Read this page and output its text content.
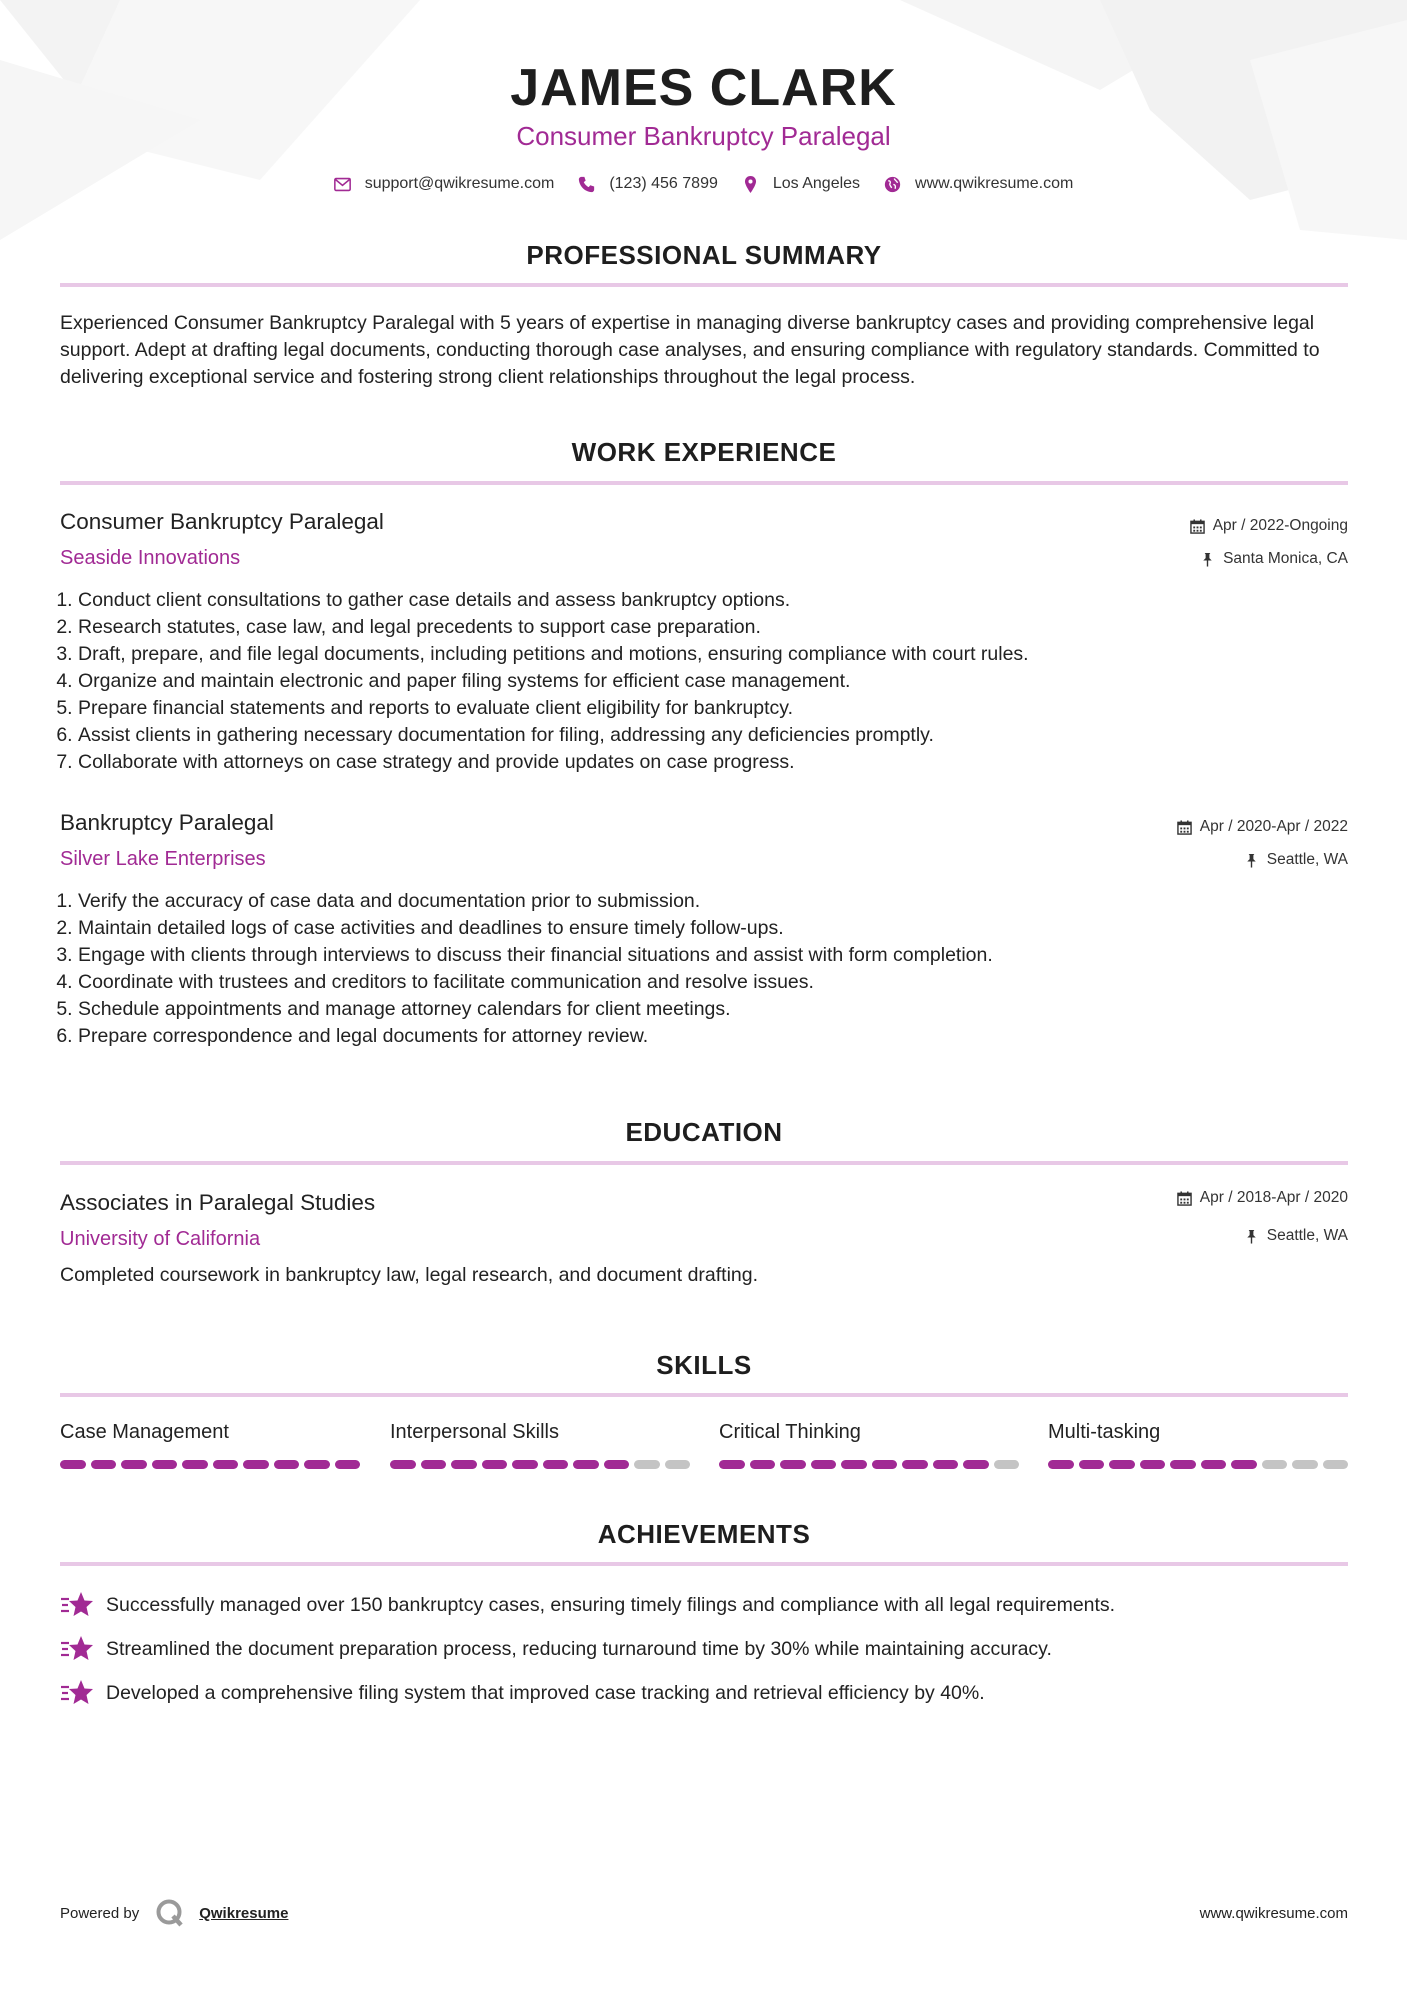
JAMES CLARK
Consumer Bankruptcy Paralegal
support@qwikresume.com	(123) 456 7899	Los Angeles	www.qwikresume.com
PROFESSIONAL SUMMARY
Experienced Consumer Bankruptcy Paralegal with 5 years of expertise in managing diverse bankruptcy cases and providing comprehensive legal support. Adept at drafting legal documents, conducting thorough case analyses, and ensuring compliance with regulatory standards. Committed to delivering exceptional service and fostering strong client relationships throughout the legal process.
WORK EXPERIENCE
Consumer Bankruptcy Paralegal
Seaside Innovations
Apr / 2022-Ongoing
Santa Monica, CA
1. Conduct client consultations to gather case details and assess bankruptcy options.
2. Research statutes, case law, and legal precedents to support case preparation.
3. Draft, prepare, and file legal documents, including petitions and motions, ensuring compliance with court rules.
4. Organize and maintain electronic and paper filing systems for efficient case management.
5. Prepare financial statements and reports to evaluate client eligibility for bankruptcy.
6. Assist clients in gathering necessary documentation for filing, addressing any deficiencies promptly.
7. Collaborate with attorneys on case strategy and provide updates on case progress.
Bankruptcy Paralegal
Silver Lake Enterprises
Apr / 2020-Apr / 2022
Seattle, WA
1. Verify the accuracy of case data and documentation prior to submission.
2. Maintain detailed logs of case activities and deadlines to ensure timely follow-ups.
3. Engage with clients through interviews to discuss their financial situations and assist with form completion.
4. Coordinate with trustees and creditors to facilitate communication and resolve issues.
5. Schedule appointments and manage attorney calendars for client meetings.
6. Prepare correspondence and legal documents for attorney review.
EDUCATION
Associates in Paralegal Studies
University of California
Apr / 2018-Apr / 2020
Seattle, WA
Completed coursework in bankruptcy law, legal research, and document drafting.
SKILLS
Case Management	Interpersonal Skills	Critical Thinking	Multi-tasking
ACHIEVEMENTS
Successfully managed over 150 bankruptcy cases, ensuring timely filings and compliance with all legal requirements.
Streamlined the document preparation process, reducing turnaround time by 30% while maintaining accuracy.
Developed a comprehensive filing system that improved case tracking and retrieval efficiency by 40%.
Powered by	Qwikresume	www.qwikresume.com
